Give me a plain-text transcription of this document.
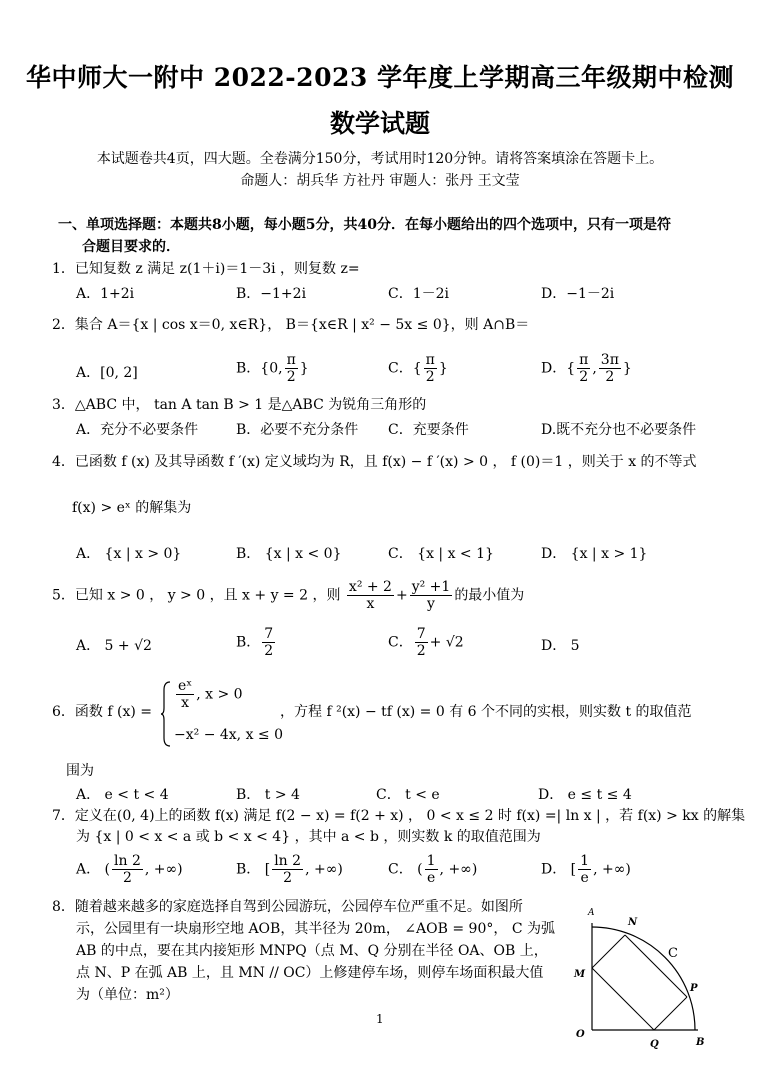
华中师大一附中 2022-2023 学年度上学期高三年级期中检测
数学试题
本试题卷共4页，四大题。全卷满分150分，考试用时120分钟。请将答案填涂在答题卡上。
命题人：胡兵华 方社丹 审题人：张丹 王文莹
一、单项选择题：本题共8小题，每小题5分，共40分．在每小题给出的四个选项中，只有一项是符
合题目要求的．
1．已知复数 z 满足 z(1＋i)＝1－3i ，则复数 z=
A．1+2i	B．−1+2i	C．1－2i	D．−1－2i
2．集合 A＝{x | cos x＝0, x∈R}， B＝{x∈R | x² − 5x ≤ 0}，则 A∩B＝
A．[0, 2]	B．{0, $\frac{\pi}{2}$ }	C．{ $\frac{\pi}{2}$ }	D．{ $\frac{\pi}{2}$ , $\frac{3\pi}{2}$ }
3．△ABC 中， tan A tan B > 1 是△ABC 为锐角三角形的
A．充分不必要条件	B．必要不充分条件 C．充要条件	D.既不充分也不必要条件
4．已函数 f (x) 及其导函数 f ′(x) 定义域均为 R，且 f(x) − f ′(x) > 0 ， f (0)＝1 ，则关于 x 的不等式
f(x) > eˣ 的解集为
A． {x | x > 0}	B． {x | x < 0}	C． {x | x < 1}	D． {x | x > 1}
5．已知 x > 0 ， y > 0 ，且 x + y = 2 ，则 $\frac{\text{x² + 2}}{x} + \frac{\text{y² +1}}{y}$ 的最小值为
A． 5 + √2	B． $\frac{7}{2}$	C． $\frac{7}{2} + √2$	D． 5
6．函数 f (x) =
$\frac{\text{eˣ}}{x}$ , x > 0
−x² − 4x, x ≤ 0
，方程 f ²(x) − tf (x) = 0 有 6 个不同的实根，则实数 t 的取值范
围为
A． e < t < 4	B． t > 4	C． t < e	D． e ≤ t ≤ 4
7．定义在(0, 4)上的函数 f(x) 满足 f(2 − x) = f(2 + x) ， 0 < x ≤ 2 时 f(x) =| ln x | ，若 f(x) > kx 的解集
为 {x | 0 < x < a 或 b < x < 4} ，其中 a < b ，则实数 k 的取值范围为
A． ( $\frac{\ln 2}{2}$ , +∞)	B． [ $\frac{\ln 2}{2}$ , +∞)	C． ( $\frac{1}{e}$ , +∞)	D． [ $\frac{1}{e}$ , +∞)
8．随着越来越多的家庭选择自驾到公园游玩，公园停车位严重不足。如图所
示，公园里有一块扇形空地 AOB，其半径为 20m， ∠AOB = 90°， C 为弧
AB 的中点，要在其内接矩形 MNPQ（点 M、Q 分别在半径 OA、OB 上，
点 N、P 在弧 AB 上，且 MN // OC）上修建停车场，则停车场面积最大值
为（单位：m²）
A
N
C
M
P
O
Q	B
1
